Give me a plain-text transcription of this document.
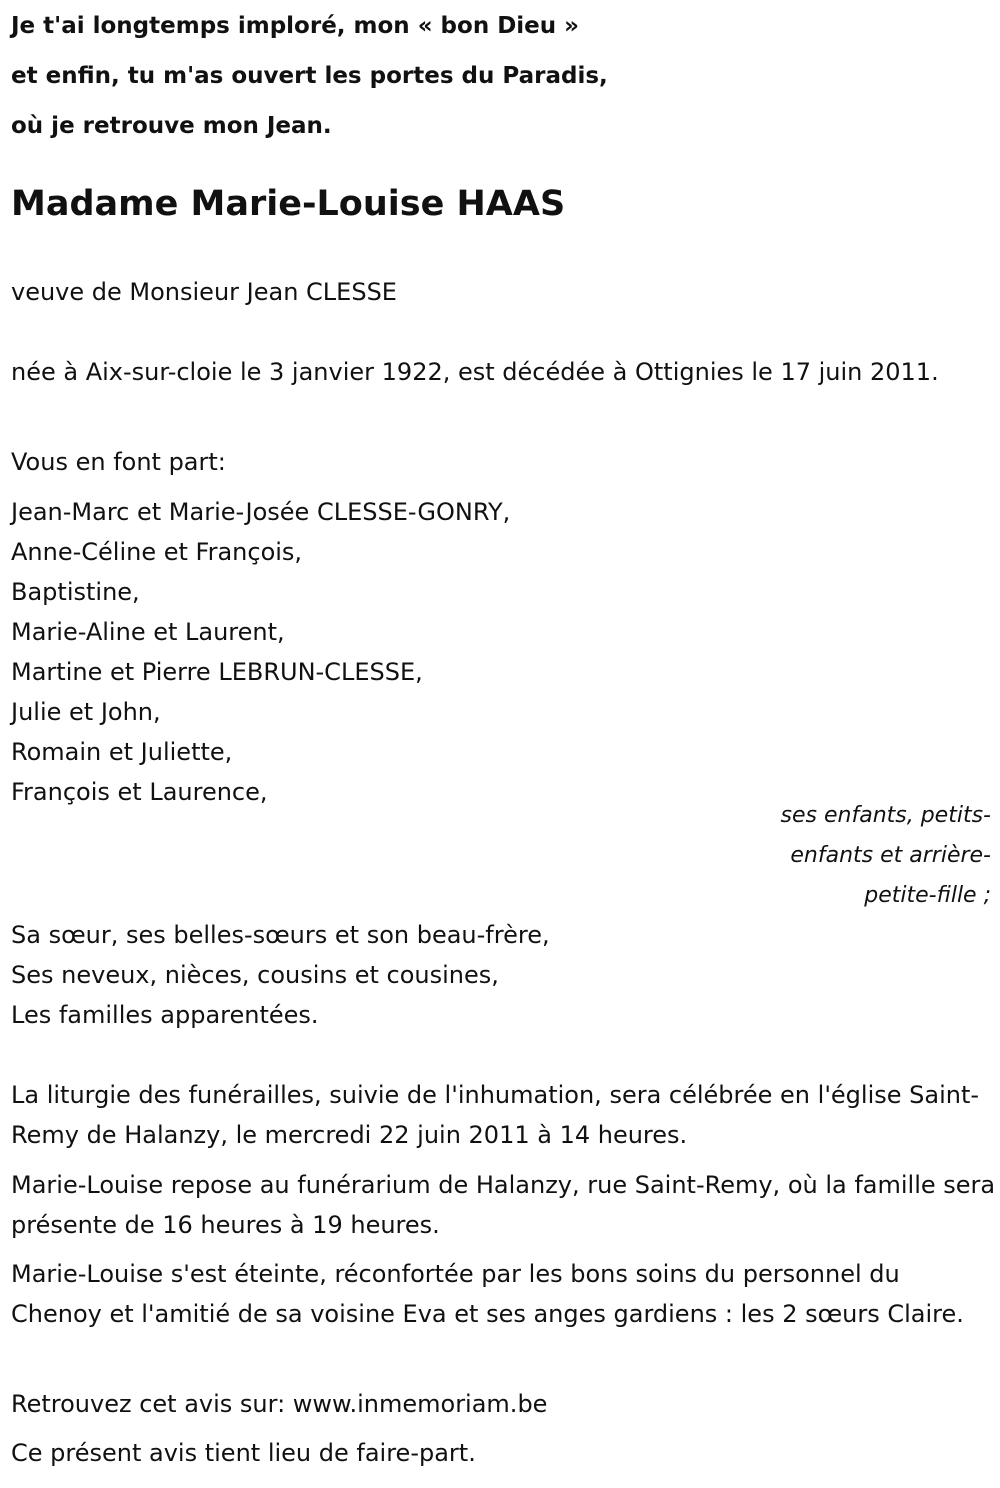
Je t'ai longtemps imploré, mon « bon Dieu »

et enfin, tu m'as ouvert les portes du Paradis,

où je retrouve mon Jean.

Madame Marie-Louise HAAS

veuve de Monsieur Jean CLESSE

née à Aix-sur-cloie le 3 janvier 1922, est décédée à Ottignies le 17 juin 2011.

Vous en font part:

Jean-Marc et Marie-Josée CLESSE-GONRY,
Anne-Céline et François,
Baptistine,
Marie-Aline et Laurent,
Martine et Pierre LEBRUN-CLESSE,
Julie et John,
Romain et Juliette,
François et Laurence,

ses enfants, petits-enfants et arrière-petite-fille ;

Sa sœur, ses belles-sœurs et son beau-frère,
Ses neveux, nièces, cousins et cousines,
Les familles apparentées.

La liturgie des funérailles, suivie de l'inhumation, sera célébrée en l'église Saint-Remy de Halanzy, le mercredi 22 juin 2011 à 14 heures.

Marie-Louise repose au funérarium de Halanzy, rue Saint-Remy, où la famille sera présente de 16 heures à 19 heures.

Marie-Louise s'est éteinte, réconfortée par les bons soins du personnel du Chenoy et l'amitié de sa voisine Eva et ses anges gardiens : les 2 sœurs Claire.

Retrouvez cet avis sur: www.inmemoriam.be

Ce présent avis tient lieu de faire-part.
